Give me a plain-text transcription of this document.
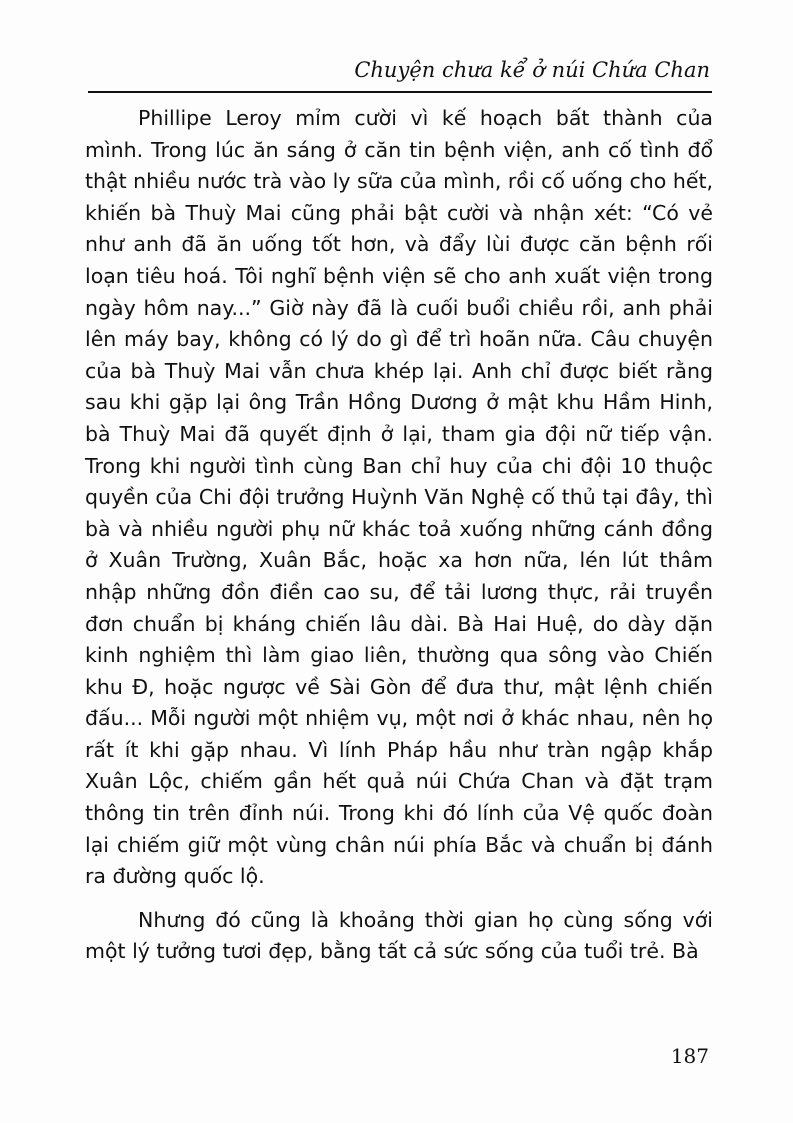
Chuyện chưa kể ở núi Chứa Chan

Phillipe Leroy mỉm cười vì kế hoạch bất thành của mình. Trong lúc ăn sáng ở căn tin bệnh viện, anh cố tình đổ thật nhiều nước trà vào ly sữa của mình, rồi cố uống cho hết, khiến bà Thuỳ Mai cũng phải bật cười và nhận xét: “Có vẻ như anh đã ăn uống tốt hơn, và đẩy lùi được căn bệnh rối loạn tiêu hoá. Tôi nghĩ bệnh viện sẽ cho anh xuất viện trong ngày hôm nay...” Giờ này đã là cuối buổi chiều rồi, anh phải lên máy bay, không có lý do gì để trì hoãn nữa. Câu chuyện của bà Thuỳ Mai vẫn chưa khép lại. Anh chỉ được biết rằng sau khi gặp lại ông Trần Hồng Dương ở mật khu Hầm Hinh, bà Thuỳ Mai đã quyết định ở lại, tham gia đội nữ tiếp vận. Trong khi người tình cùng Ban chỉ huy của chi đội 10 thuộc quyền của Chi đội trưởng Huỳnh Văn Nghệ cố thủ tại đây, thì bà và nhiều người phụ nữ khác toả xuống những cánh đồng ở Xuân Trường, Xuân Bắc, hoặc xa hơn nữa, lén lút thâm nhập những đồn điền cao su, để tải lương thực, rải truyền đơn chuẩn bị kháng chiến lâu dài. Bà Hai Huệ, do dày dặn kinh nghiệm thì làm giao liên, thường qua sông vào Chiến khu Đ, hoặc ngược về Sài Gòn để đưa thư, mật lệnh chiến đấu... Mỗi người một nhiệm vụ, một nơi ở khác nhau, nên họ rất ít khi gặp nhau. Vì lính Pháp hầu như tràn ngập khắp Xuân Lộc, chiếm gần hết quả núi Chứa Chan và đặt trạm thông tin trên đỉnh núi. Trong khi đó lính của Vệ quốc đoàn lại chiếm giữ một vùng chân núi phía Bắc và chuẩn bị đánh ra đường quốc lộ.

Nhưng đó cũng là khoảng thời gian họ cùng sống với một lý tưởng tươi đẹp, bằng tất cả sức sống của tuổi trẻ. Bà

187
